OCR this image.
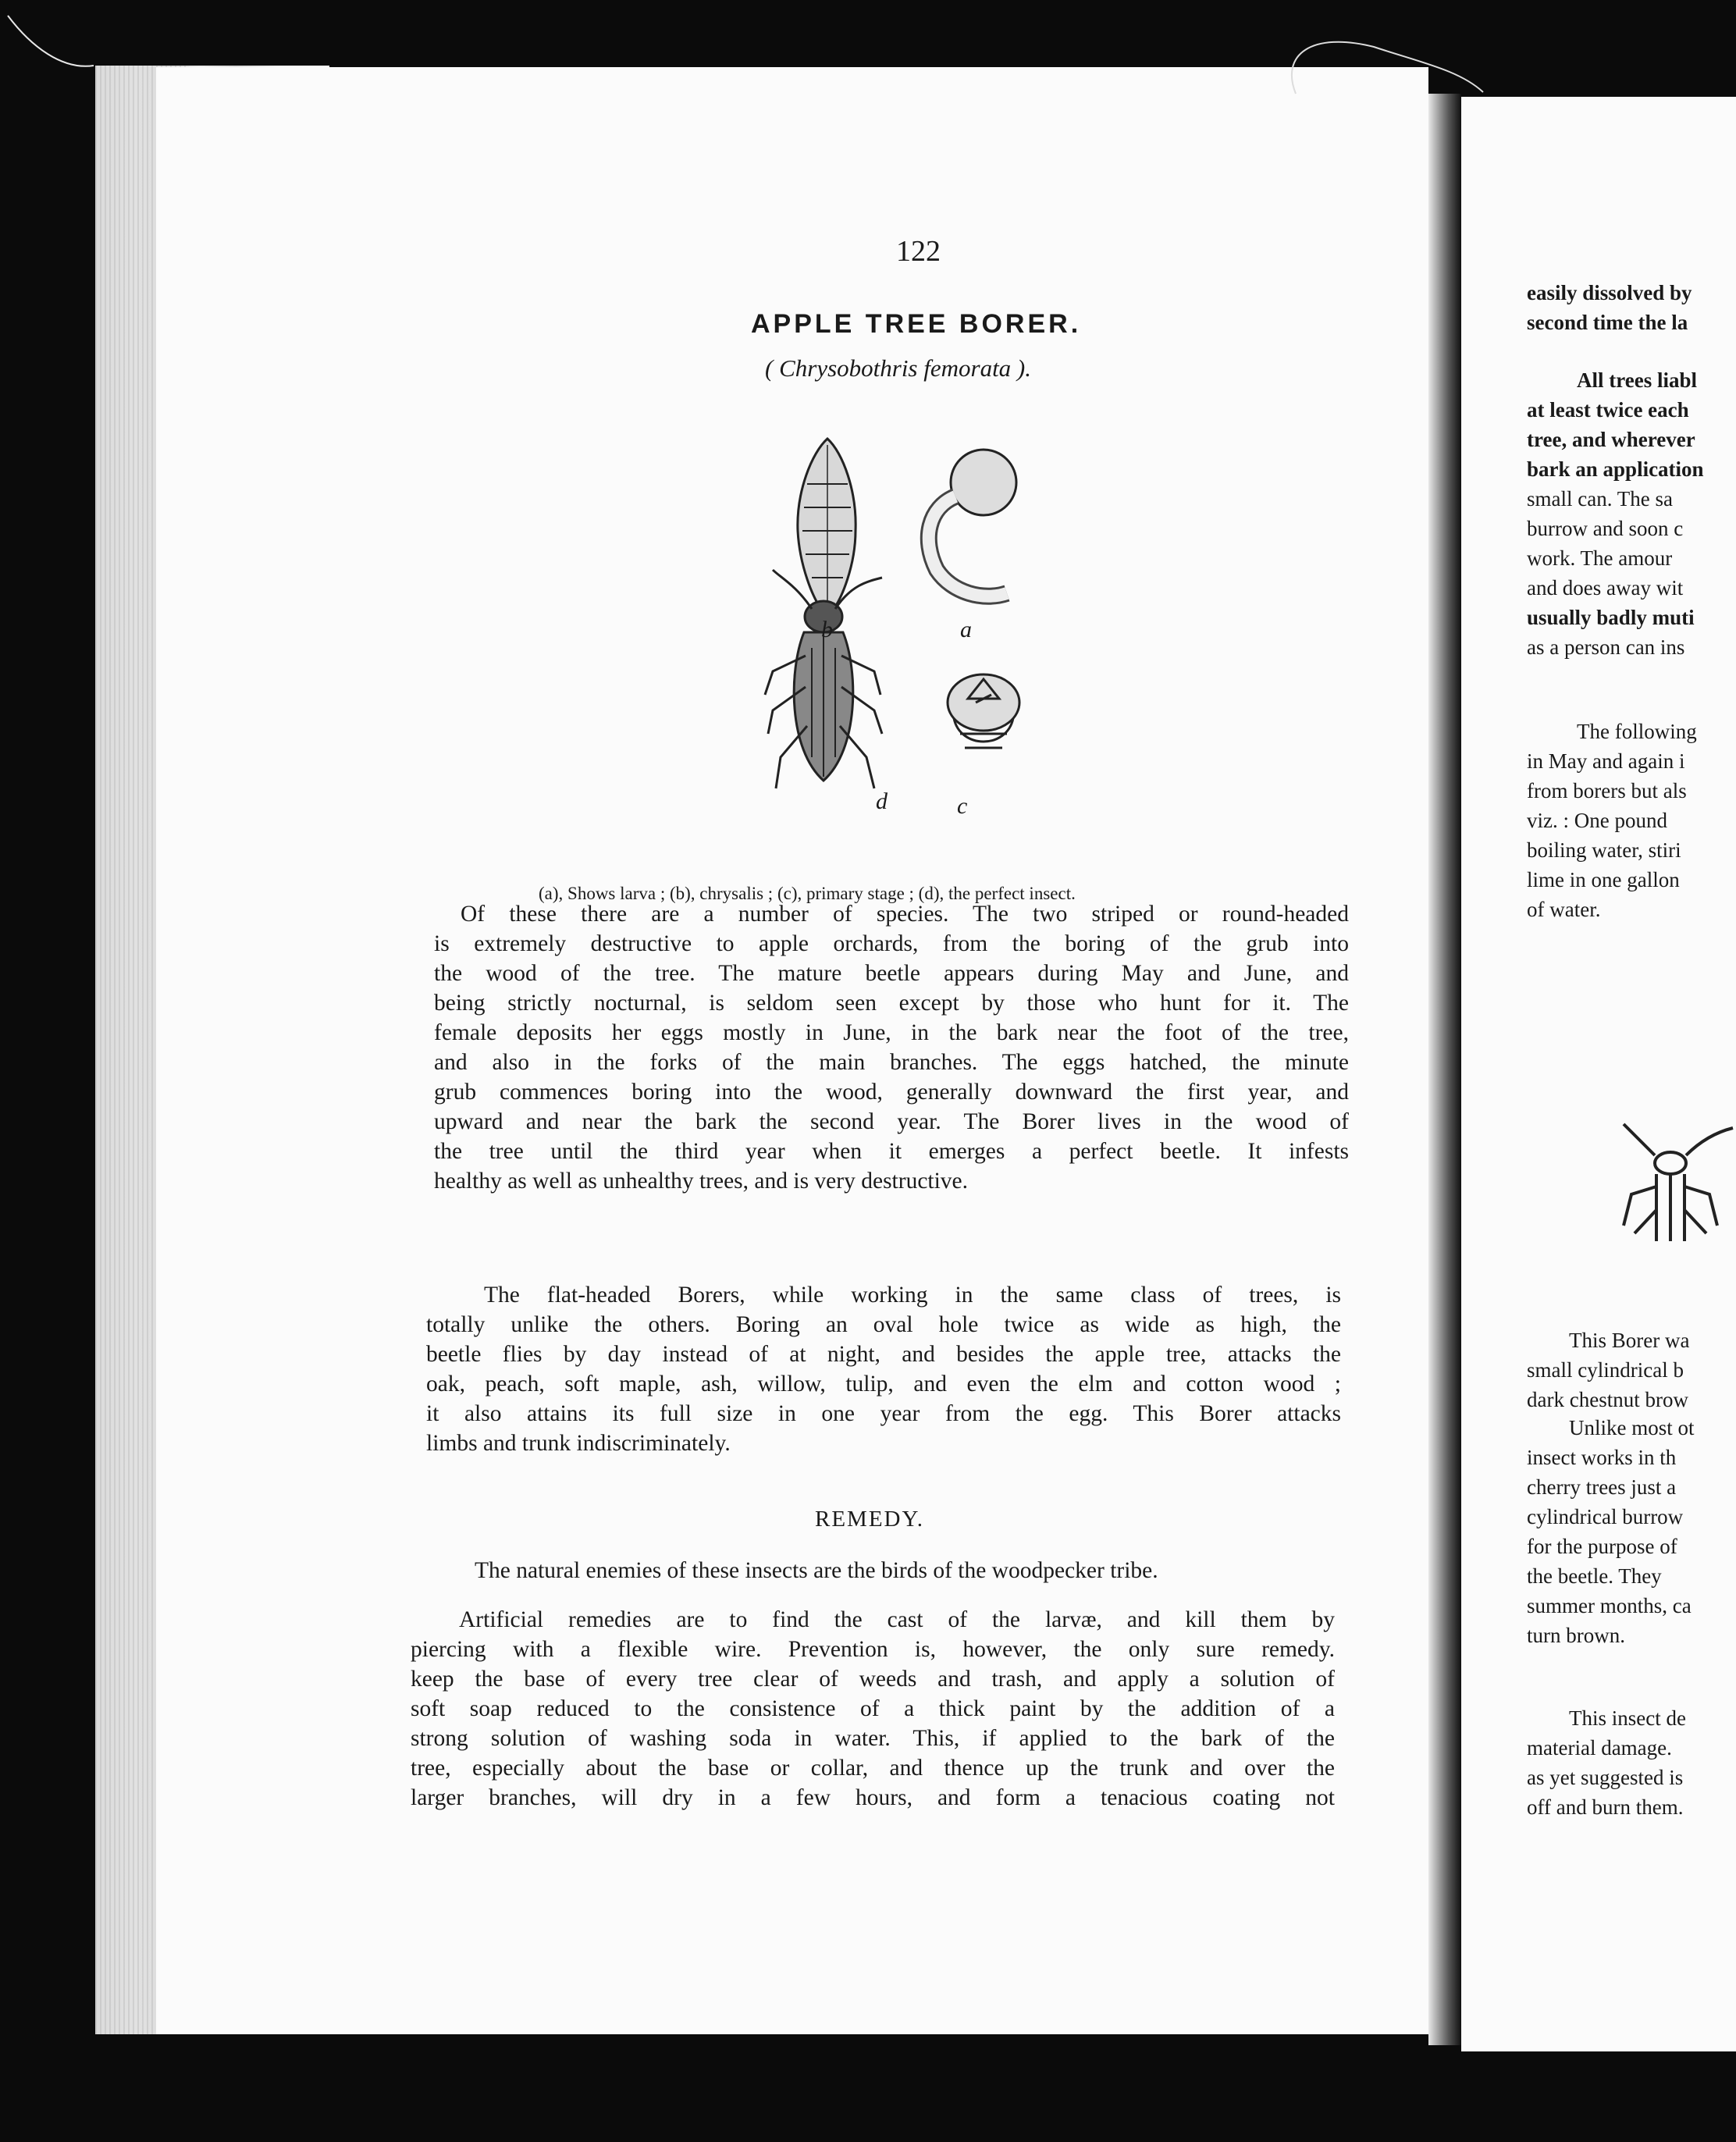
122
APPLE TREE BORER.
( Chrysobothris femorata ).
b	a
d	c
(a), Shows larva ; (b), chrysalis ; (c), primary stage ; (d), the perfect insect.
Of these there are a number of species. The two striped or round-headed
is extremely destructive to apple orchards, from the boring of the grub into
the wood of the tree. The mature beetle appears during May and June, and
being strictly nocturnal, is seldom seen except by those who hunt for it. The
female deposits her eggs mostly in June, in the bark near the foot of the tree,
and also in the forks of the main branches. The eggs hatched, the minute
grub commences boring into the wood, generally downward the first year, and
upward and near the bark the second year. The Borer lives in the wood of
the tree until the third year when it emerges a perfect beetle. It infests
healthy as well as unhealthy trees, and is very destructive.
The flat-headed Borers, while working in the same class of trees, is
totally unlike the others. Boring an oval hole twice as wide as high, the
beetle flies by day instead of at night, and besides the apple tree, attacks the
oak, peach, soft maple, ash, willow, tulip, and even the elm and cotton wood ;
it also attains its full size in one year from the egg. This Borer attacks
limbs and trunk indiscriminately.
REMEDY.
The natural enemies of these insects are the birds of the woodpecker tribe.
Artificial remedies are to find the cast of the larvæ, and kill them by
piercing with a flexible wire. Prevention is, however, the only sure remedy.
keep the base of every tree clear of weeds and trash, and apply a solution of
soft soap reduced to the consistence of a thick paint by the addition of a
strong solution of washing soda in water. This, if applied to the bark of the
tree, especially about the base or collar, and thence up the trunk and over the
larger branches, will dry in a few hours, and form a tenacious coating not
easily dissolved by
second time the la
All trees liabl
at least twice each
tree, and wherever
bark an application
small can. The sa
burrow and soon c
work. The amour
and does away wit
usually badly muti
as a person can ins
The following
in May and again i
from borers but als
viz. : One pound
boiling water, stiri
lime in one gallon
of water.
This Borer wa
small cylindrical b
dark chestnut brow
Unlike most ot
insect works in th
cherry trees just a
cylindrical burrow
for the purpose of
the beetle. They
summer months, ca
turn brown.
This insect de
material damage.
as yet suggested is
off and burn them.
